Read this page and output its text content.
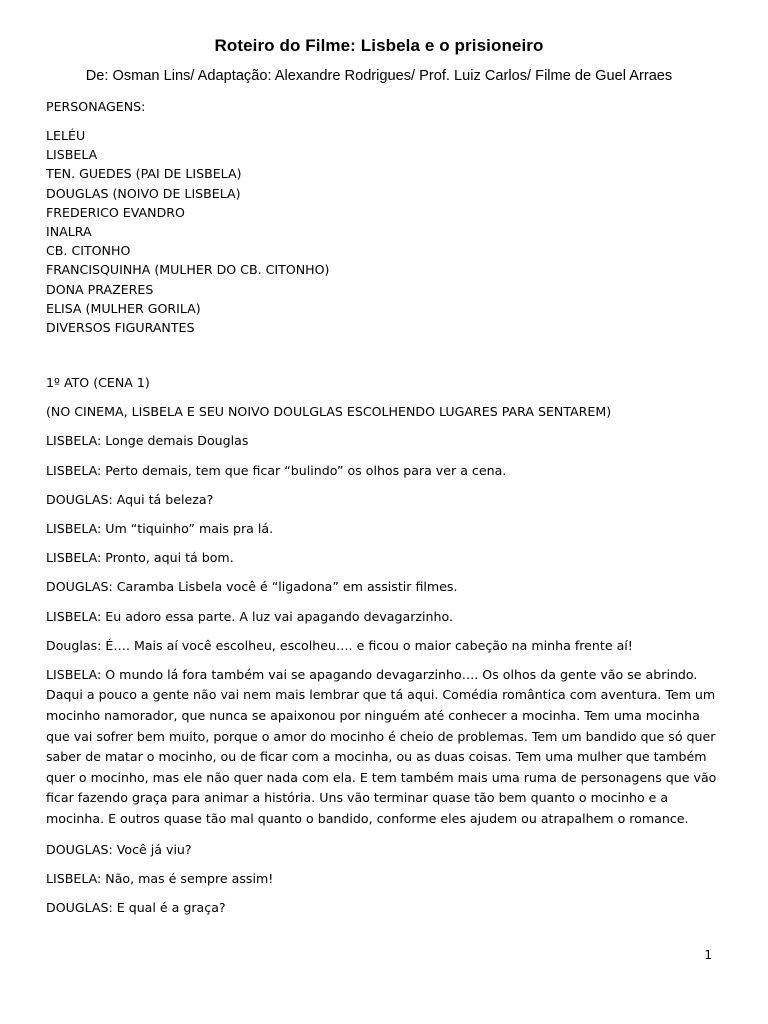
Roteiro do Filme: Lisbela e o prisioneiro
De: Osman Lins/ Adaptação: Alexandre Rodrigues/ Prof. Luiz Carlos/ Filme de Guel Arraes
PERSONAGENS:
LELÉU
LISBELA
TEN. GUEDES (PAI DE LISBELA)
DOUGLAS (NOIVO DE LISBELA)
FREDERICO EVANDRO
INALRA
CB. CITONHO
FRANCISQUINHA (MULHER DO CB. CITONHO)
DONA PRAZERES
ELISA (MULHER GORILA)
DIVERSOS FIGURANTES

1º ATO (CENA 1)

(NO CINEMA, LISBELA E SEU NOIVO DOULGLAS ESCOLHENDO LUGARES PARA SENTAREM)

LISBELA: Longe demais Douglas

LISBELA: Perto demais, tem que ficar “bulindo” os olhos para ver a cena.

DOUGLAS: Aqui tá beleza?

LISBELA: Um “tiquinho” mais pra lá.

LISBELA: Pronto, aqui tá bom.

DOUGLAS: Caramba Lisbela você é “ligadona” em assistir filmes.

LISBELA: Eu adoro essa parte. A luz vai apagando devagarzinho.

Douglas: É…. Mais aí você escolheu, escolheu…. e ficou o maior cabeção na minha frente aí!

LISBELA: O mundo lá fora também vai se apagando devagarzinho…. Os olhos da gente vão se abrindo. Daqui a pouco a gente não vai nem mais lembrar que tá aqui. Comédia romântica com aventura. Tem um mocinho namorador, que nunca se apaixonou por ninguém até conhecer a mocinha. Tem uma mocinha que vai sofrer bem muito, porque o amor do mocinho é cheio de problemas. Tem um bandido que só quer saber de matar o mocinho, ou de ficar com a mocinha, ou as duas coisas. Tem uma mulher que também quer o mocinho, mas ele não quer nada com ela. E tem também mais uma ruma de personagens que vão ficar fazendo graça para animar a história. Uns vão terminar quase tão bem quanto o mocinho e a mocinha. E outros quase tão mal quanto o bandido, conforme eles ajudem ou atrapalhem o romance.

DOUGLAS: Você já viu?

LISBELA: Não, mas é sempre assim!

DOUGLAS: E qual é a graça?

1
